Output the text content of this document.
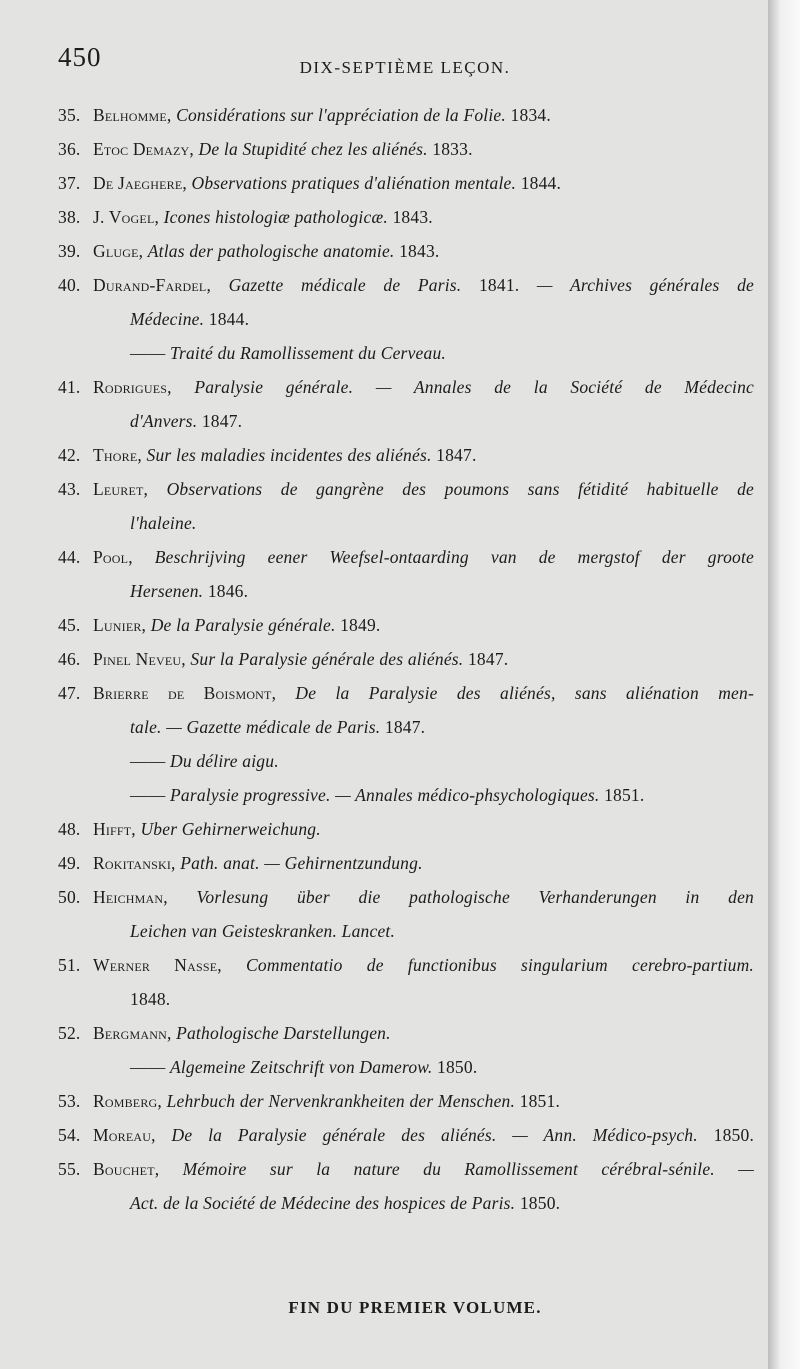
450	DIX-SEPTIÈME LEÇON.
35. Belhomme, Considérations sur l'appréciation de la Folie. 1834.
36. Etoc Demazy, De la Stupidité chez les aliénés. 1833.
37. De Jaeghere, Observations pratiques d'aliénation mentale. 1844.
38. J. Vogel, Icones histologiæ pathologicæ. 1843.
39. Gluge, Atlas der pathologische anatomie. 1843.
40. Durand-Fardel, Gazette médicale de Paris. 1841. — Archives générales de
Médecine. 1844.
—— Traité du Ramollissement du Cerveau.
41. Rodrigues, Paralysie générale. — Annales de la Société de Médecinc
d'Anvers. 1847.
42. Thore, Sur les maladies incidentes des aliénés. 1847.
43. Leuret, Observations de gangrène des poumons sans fétidité habituelle de
l'haleine.
44. Pool, Beschrijving eener Weefsel-ontaarding van de mergstof der groote
Hersenen. 1846.
45. Lunier, De la Paralysie générale. 1849.
46. Pinel Neveu, Sur la Paralysie générale des aliénés. 1847.
47. Brierre de Boismont, De la Paralysie des aliénés, sans aliénation men-
tale. — Gazette médicale de Paris. 1847.
—— Du délire aigu.
—— Paralysie progressive. — Annales médico-phsychologiques. 1851.
48. Hifft, Uber Gehirnerweichung.
49. Rokitanski, Path. anat. — Gehirnentzundung.
50. Heichman, Vorlesung über die pathologische Verhanderungen in den
Leichen van Geisteskranken. Lancet.
51. Werner Nasse, Commentatio de functionibus singularium cerebro-partium.
1848.
52. Bergmann, Pathologische Darstellungen.
—— Algemeine Zeitschrift von Damerow. 1850.
53. Romberg, Lehrbuch der Nervenkrankheiten der Menschen. 1851.
54. Moreau, De la Paralysie générale des aliénés. — Ann. Médico-psych. 1850.
55. Bouchet, Mémoire sur la nature du Ramollissement cérébral-sénile. —
Act. de la Société de Médecine des hospices de Paris. 1850.
FIN DU PREMIER VOLUME.
